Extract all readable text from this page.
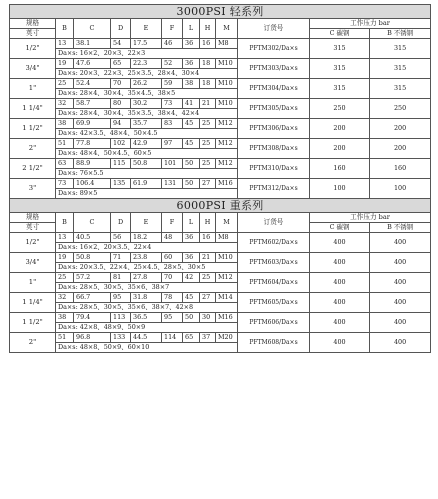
3000PSI 轻系列											
规格	B	C	D	E	F	L	H	M	订货号	工作压力 bar	
英寸										C 碳钢	B 不锈钢
1/2"	13	38.1	54	17.5	46	36	16	M8	PFTM302/Da×s	315	315
	Da×s: 16×2、20×3、22×3										
3/4"	19	47.6	65	22.3	52	36	18	M10	PFTM303/Da×s	315	315
	Da×s: 20×3、22×3、25×3.5、28×4、30×4										
1"	25	52.4	70	26.2	59	38	18	M10	PFTM304/Da×s	315	315
	Da×s: 28×4、30×4、35×4.5、38×5										
1 1/4"	32	58.7	80	30.2	73	41	21	M10	PFTM305/Da×s	250	250
	Da×s: 28×4、30×4、35×3.5、38×4、42×4										
1 1/2"	38	69.9	94	35.7	83	45	25	M12	PFTM306/Da×s	200	200
	Da×s: 42×3.5、48×4、50×4.5										
2"	51	77.8	102	42.9	97	45	25	M12	PFTM308/Da×s	200	200
	Da×s: 48×4、50×4.5、60×5										
2 1/2"	63	88.9	115	50.8	101	50	25	M12	PFTM310/Da×s	160	160
	Da×s: 76×5.5										
3"	73	106.4	135	61.9	131	50	27	M16	PFTM312/Da×s	100	100
	Da×s: 89×5										
6000PSI 重系列											
规格	B	C	D	E	F	L	H	M	订货号	工作压力 bar	
英寸										C 碳钢	B 不锈钢
1/2"	13	40.5	56	18.2	48	36	16	M8	PFTM602/Da×s	400	400
	Da×s: 16×2、20×3.5、22×4										
3/4"	19	50.8	71	23.8	60	36	21	M10	PFTM603/Da×s	400	400
	Da×s: 20×3.5、22×4、25×4.5、28×5、30×5										
1"	25	57.2	81	27.8	70	42	25	M12	PFTM604/Da×s	400	400
	Da×s: 28×5、30×5、35×6、38×7										
1 1/4"	32	66.7	95	31.8	78	45	27	M14	PFTM605/Da×s	400	400
	Da×s: 28×5、30×5、35×6、38×7、42×8										
1 1/2"	38	79.4	113	36.5	95	50	30	M16	PFTM606/Da×s	400	400
	Da×s: 42×8、48×9、50×9										
2"	51	96.8	133	44.5	114	65	37	M20	PFTM608/Da×s	400	400
	Da×s: 48×8、50×9、60×10										
